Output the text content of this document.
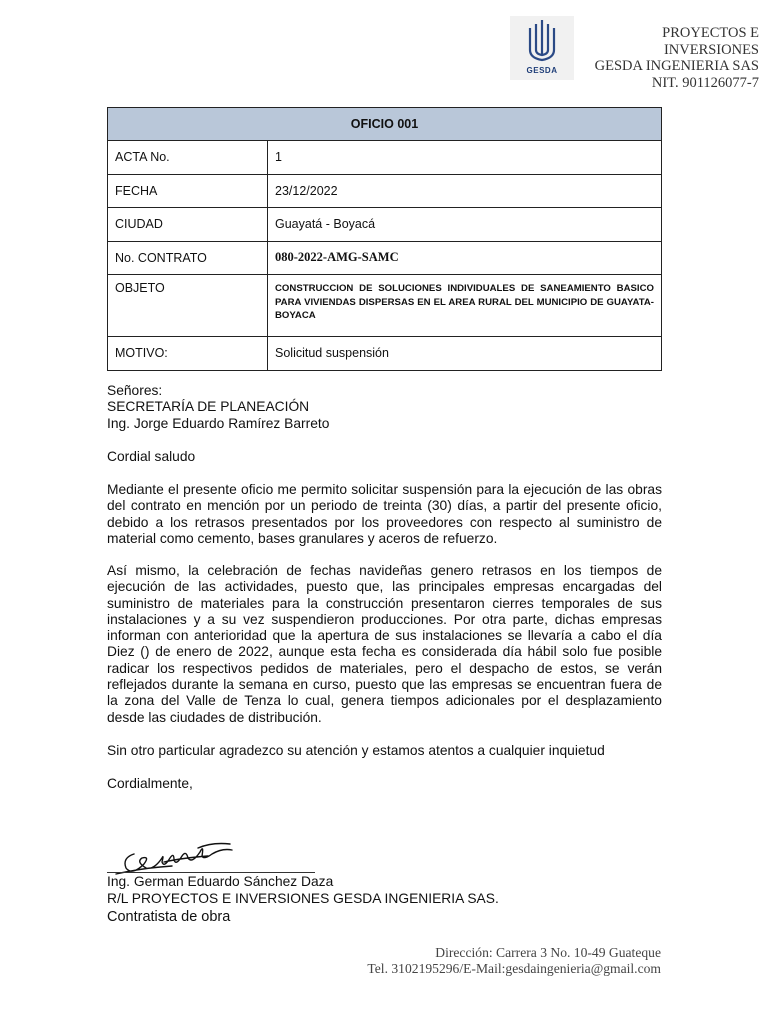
GESDA
PROYECTOS E
INVERSIONES
GESDA INGENIERIA SAS
NIT. 901126077-7
OFICIO 001	
ACTA No.	1
FECHA	23/12/2022
CIUDAD	Guayatá - Boyacá
No. CONTRATO	080-2022-AMG-SAMC
OBJETO	CONSTRUCCION DE SOLUCIONES INDIVIDUALES DE SANEAMIENTO BASICO PARA VIVIENDAS DISPERSAS EN EL AREA RURAL DEL MUNICIPIO DE GUAYATA-BOYACA
MOTIVO:	Solicitud suspensión
Señores:
SECRETARÍA DE PLANEACIÓN
Ing. Jorge Eduardo Ramírez Barreto

Cordial saludo

Mediante el presente oficio me permito solicitar suspensión para la ejecución de las obras del contrato en mención por un periodo de treinta (30) días, a partir del presente oficio, debido a los retrasos presentados por los proveedores con respecto al suministro de material como cemento, bases granulares y aceros de refuerzo.

Así mismo, la celebración de fechas navideñas genero retrasos en los tiempos de ejecución de las actividades, puesto que, las principales empresas encargadas del suministro de materiales para la construcción presentaron cierres temporales de sus instalaciones y a su vez suspendieron producciones. Por otra parte, dichas empresas informan con anterioridad que la apertura de sus instalaciones se llevaría a cabo el día Diez () de enero de 2022, aunque esta fecha es considerada día hábil solo fue posible radicar los respectivos pedidos de materiales, pero el despacho de estos, se verán reflejados durante la semana en curso, puesto que las empresas se encuentran fuera de la zona del Valle de Tenza lo cual, genera tiempos adicionales por el desplazamiento desde las ciudades de distribución.

Sin otro particular agradezco su atención y estamos atentos a cualquier inquietud

Cordialmente,

Ing. German Eduardo Sánchez Daza
R/L PROYECTOS E INVERSIONES GESDA INGENIERIA SAS.
Contratista de obra
Dirección: Carrera 3 No. 10-49 Guateque
Tel. 3102195296/E-Mail:gesdaingenieria@gmail.com
